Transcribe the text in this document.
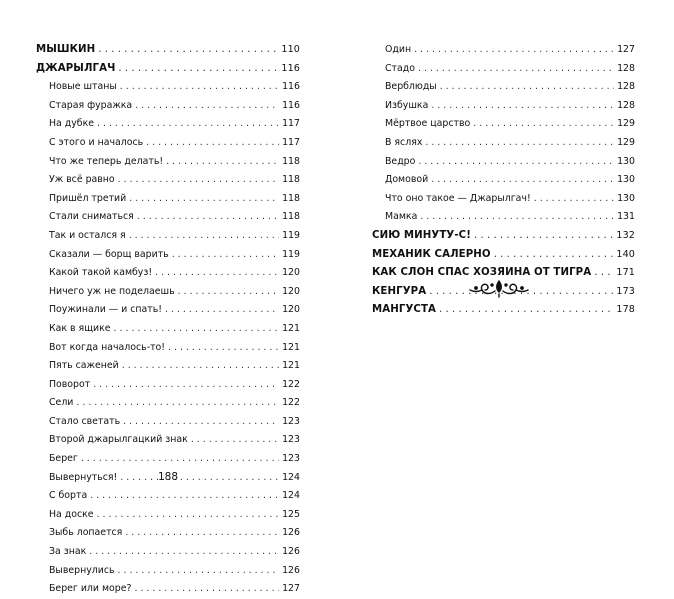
МЫШКИН . . .	110
ДЖАРЫЛГАЧ . . .	116
Новые штаны . . .	116
Старая фуражка . . .	116
На дубке . . .	117
С этого и началось . . .	117
Что же теперь делать! . . .	118
Уж всё равно . . .	118
Пришёл третий . . .	118
Стали сниматься . . .	118
Так и остался я . . .	119
Сказали — борщ варить . . .	119
Какой такой камбуз! . . .	120
Ничего уж не поделаешь . . .	120
Поужинали — и спать! . . .	120
Как в ящике . . .	121
Вот когда началось-то! . . .	121
Пять саженей . . .	121
Поворот . . .	122
Сели . . .	122
Стало светать . . .	123
Второй джарылгацкий знак . . .	123
Берег . . .	123
Вывернуться! . . .	124
С борта . . .	124
На доске . . .	125
Зыбь лопается . . .	126
За знак . . .	126
Вывернулись . . .	126
Берег или море? . . .	127
Один . . .	127
Стадо . . .	128
Верблюды . . .	128
Избушка . . .	128
Мёртвое царство . . .	129
В яслях . . .	129
Ведро . . .	130
Домовой . . .	130
Что оно такое — Джарылгач! . . .	130
Мамка . . .	131
СИЮ МИНУТУ-С! . . .	132
МЕХАНИК САЛЕРНО . . .	140
КАК СЛОН СПАС ХОЗЯИНА ОТ ТИГРА . . .	171
КЕНГУРА . . .	173
МАНГУСТА . . .	178
188
